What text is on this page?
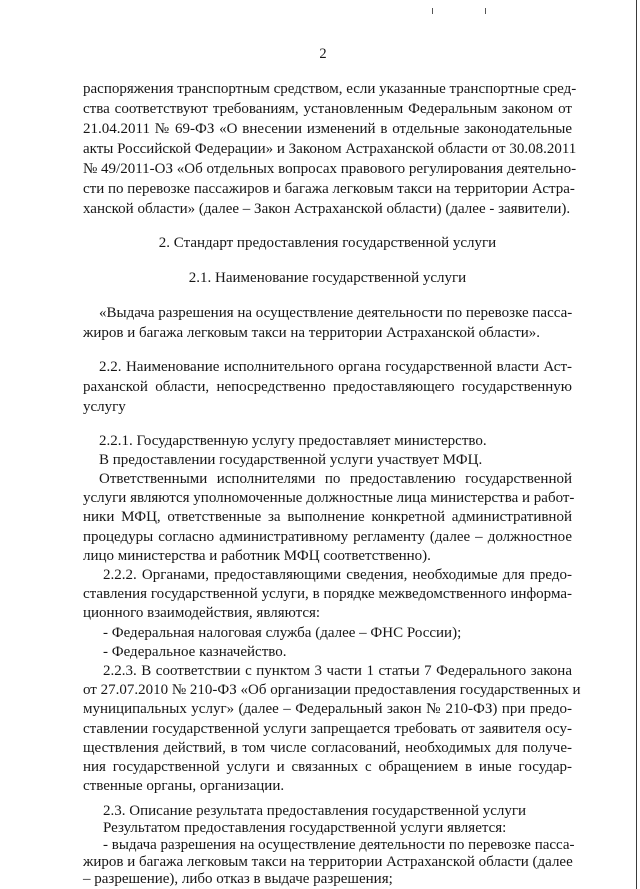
2
распоряжения транспортным средством, если указанные транспортные сред-
ства соответствуют требованиям, установленным Федеральным законом от
21.04.2011 № 69-ФЗ «О внесении изменений в отдельные законодательные
акты Российской Федерации» и Законом Астраханской области от 30.08.2011
№ 49/2011-ОЗ «Об отдельных вопросах правового регулирования деятельно-
сти по перевозке пассажиров и багажа легковым такси на территории Астра-
ханской области» (далее – Закон Астраханской области) (далее - заявители).
2. Стандарт предоставления государственной услуги
2.1. Наименование государственной услуги
«Выдача разрешения на осуществление деятельности по перевозке пасса-
жиров и багажа легковым такси на территории Астраханской области».
2.2. Наименование исполнительного органа государственной власти Аст-
раханской области, непосредственно предоставляющего государственную
услугу
2.2.1. Государственную услугу предоставляет министерство.
В предоставлении государственной услуги участвует МФЦ.
Ответственными исполнителями по предоставлению государственной
услуги являются уполномоченные должностные лица министерства и работ-
ники МФЦ, ответственные за выполнение конкретной административной
процедуры согласно административному регламенту (далее – должностное
лицо министерства и работник МФЦ соответственно).
2.2.2. Органами, предоставляющими сведения, необходимые для предо-
ставления государственной услуги, в порядке межведомственного информа-
ционного взаимодействия, являются:
- Федеральная налоговая служба (далее – ФНС России);
- Федеральное казначейство.
2.2.3. В соответствии с пунктом 3 части 1 статьи 7 Федерального закона
от 27.07.2010 № 210-ФЗ «Об организации предоставления государственных и
муниципальных услуг» (далее – Федеральный закон № 210-ФЗ) при предо-
ставлении государственной услуги запрещается требовать от заявителя осу-
ществления действий, в том числе согласований, необходимых для получе-
ния государственной услуги и связанных с обращением в иные государ-
ственные органы, организации.
2.3. Описание результата предоставления государственной услуги
Результатом предоставления государственной услуги является:
- выдача разрешения на осуществление деятельности по перевозке пасса-
жиров и багажа легковым такси на территории Астраханской области (далее
– разрешение), либо отказ в выдаче разрешения;
